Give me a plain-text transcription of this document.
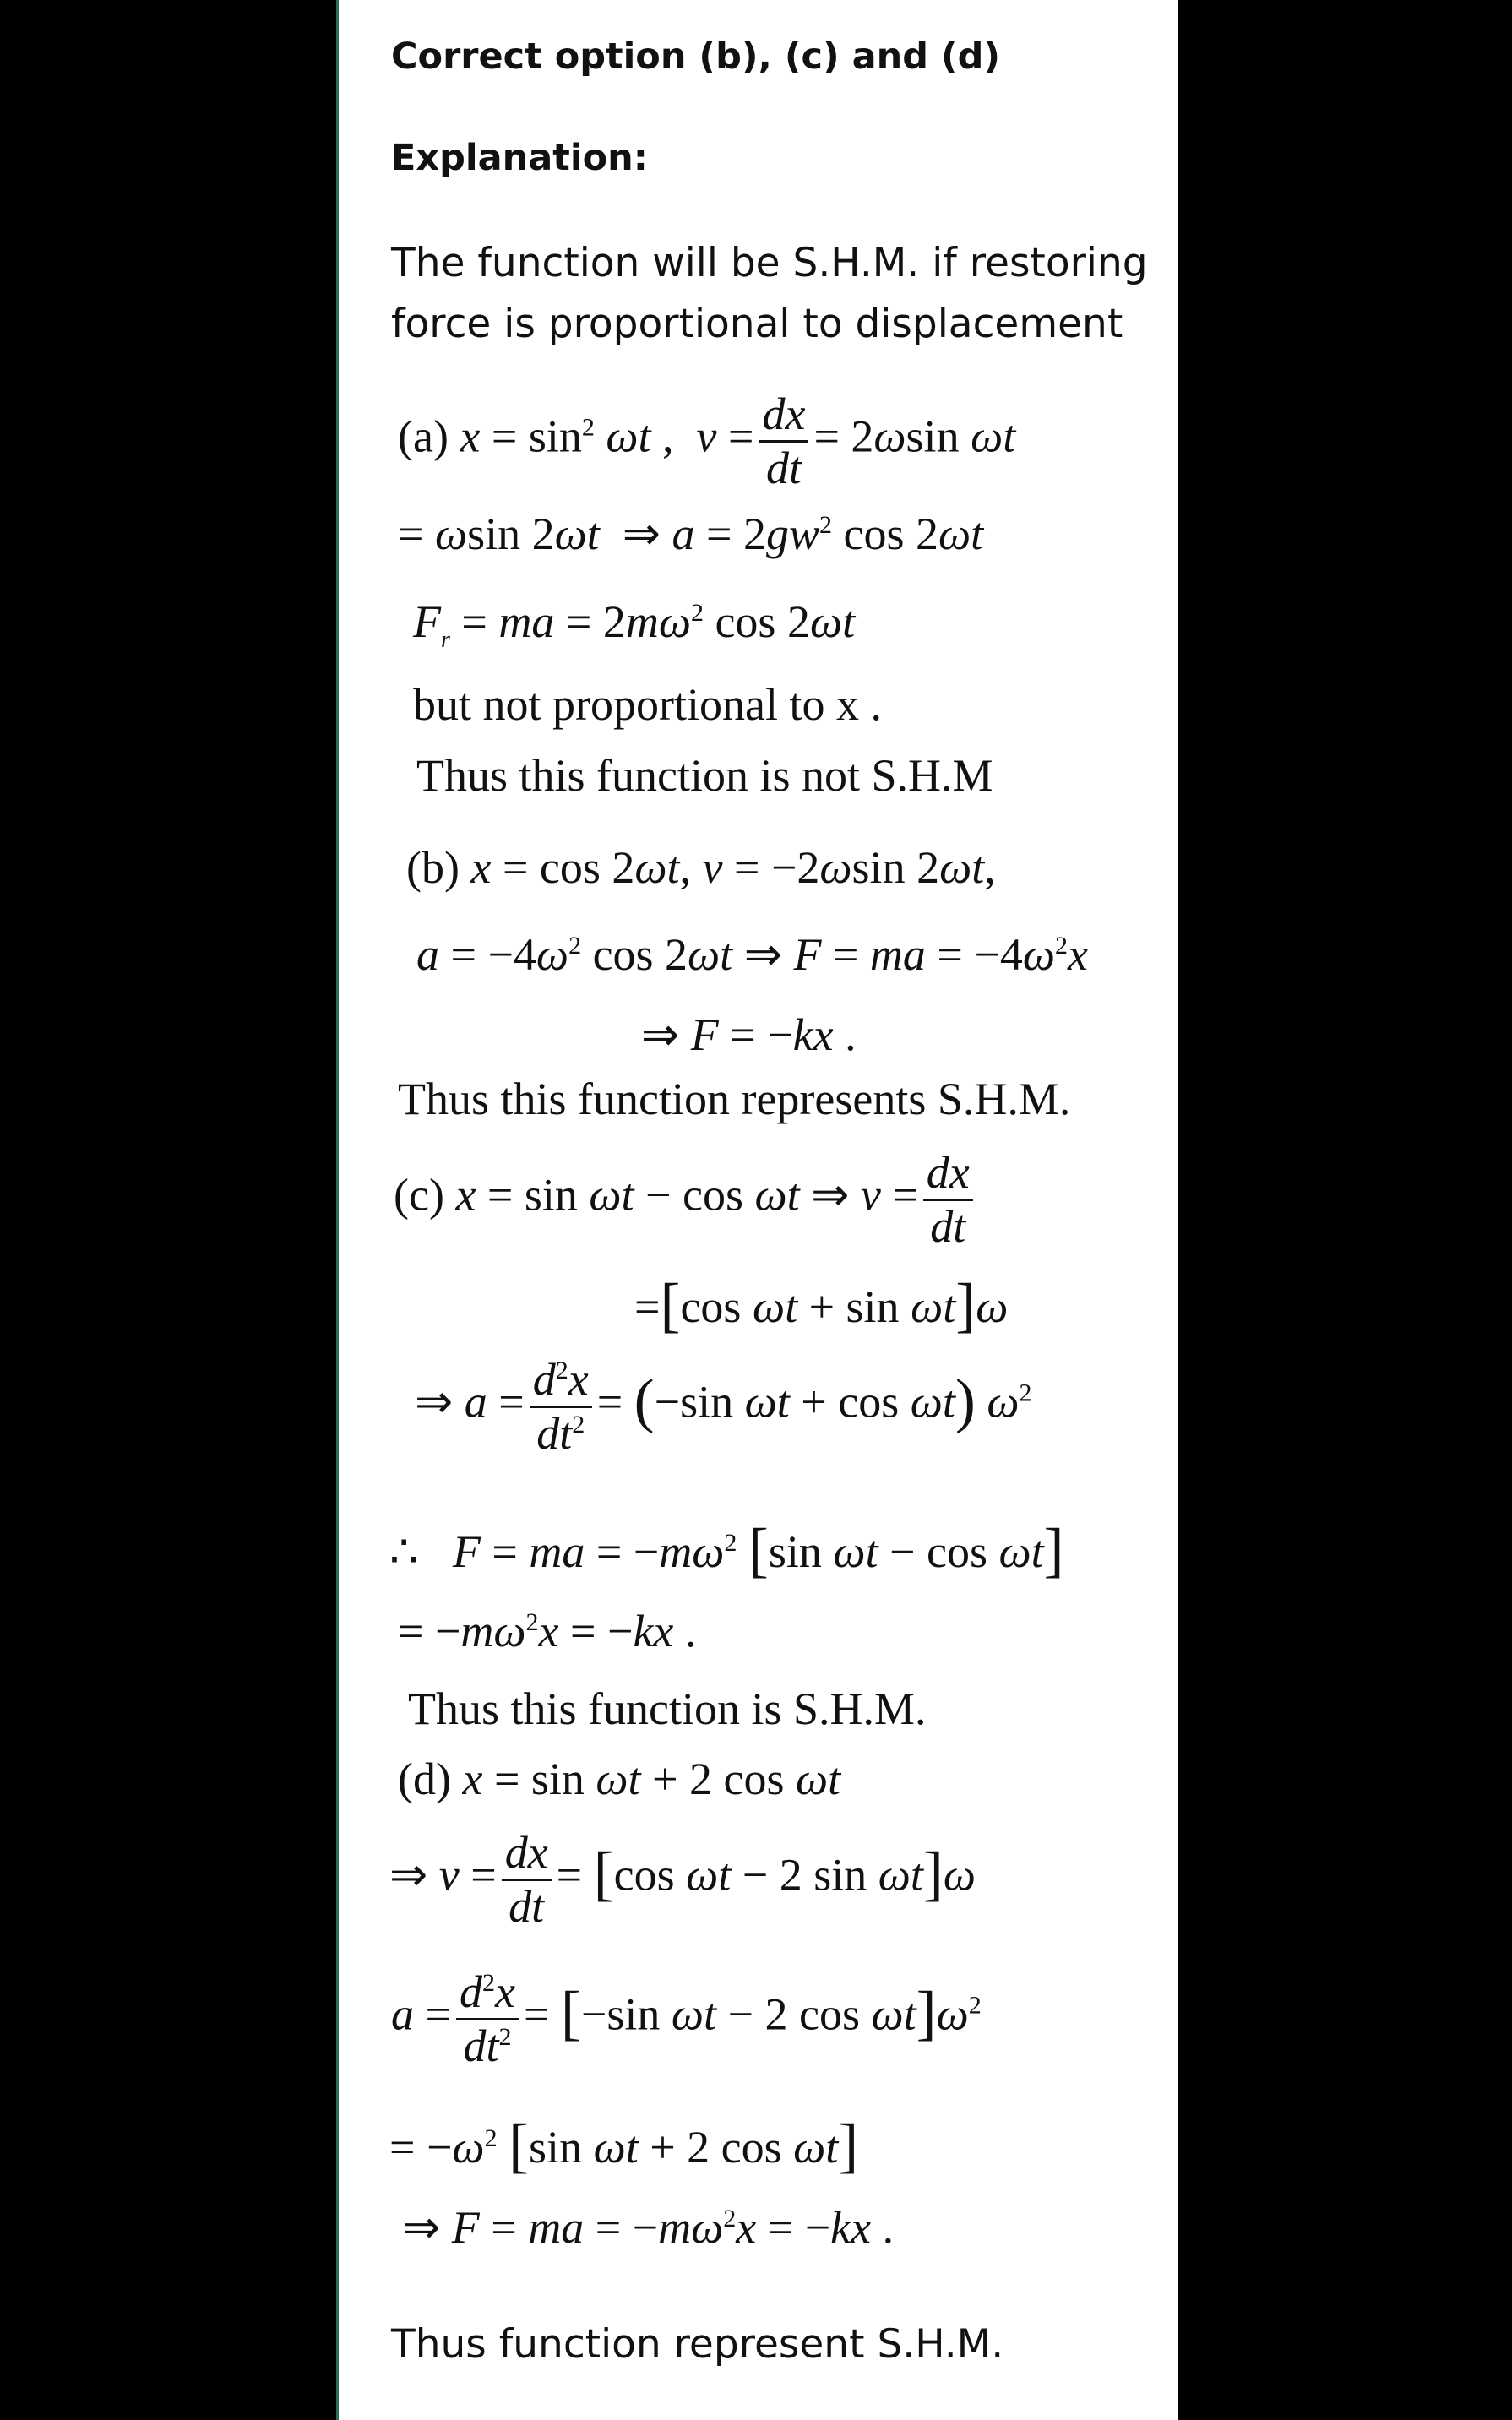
Correct option (b), (c) and (d)
Explanation:
The function will be S.H.M. if restoring force is proportional to displacement
(a) $x = \sin^2 \omega t$ ,  $v = \frac{dx}{dt} = 2\omega\sin$ ωt
= ωsin 2ωt  ⇒ $a = 2gw^2$ cos 2ωt
$F_r$ = ma = $2m\omega^2$ cos 2ωt
but not proportional to x .
Thus this function is not S.H.M
(b) x = cos 2ωt, v = −2ωsin 2ωt,
$a = -4\omega^2$ cos 2ωt ⇒ F = ma = $-4\omega^2x$
⇒ F = −kx .
Thus this function represents S.H.M.
(c) x = sin ωt − cos ωt ⇒ $v = \frac{dx}{dt}$
=[cos ωt + sin ωt]ω
⇒ $a = \frac{d^2x}{dt^2} = (-\sin$ ωt + cos ωt) $\omega^2$
∴   F = ma = $-m\omega^2$ [sin ωt − cos ωt]
= $-m\omega^2x = -kx$ .
Thus this function is S.H.M.
(d) x = sin ωt + 2 cos ωt
⇒ $v = \frac{dx}{dt} = [\cos$ ωt − 2 sin ωt]ω
$a = \frac{d^2x}{dt^2} = [-\sin$ ωt − 2 $\cos \omega t]\omega^2$
= $-\omega^2$ [sin ωt + 2 cos ωt]
⇒ F = ma = $-m\omega^2x = -kx$ .
Thus function represent S.H.M.
